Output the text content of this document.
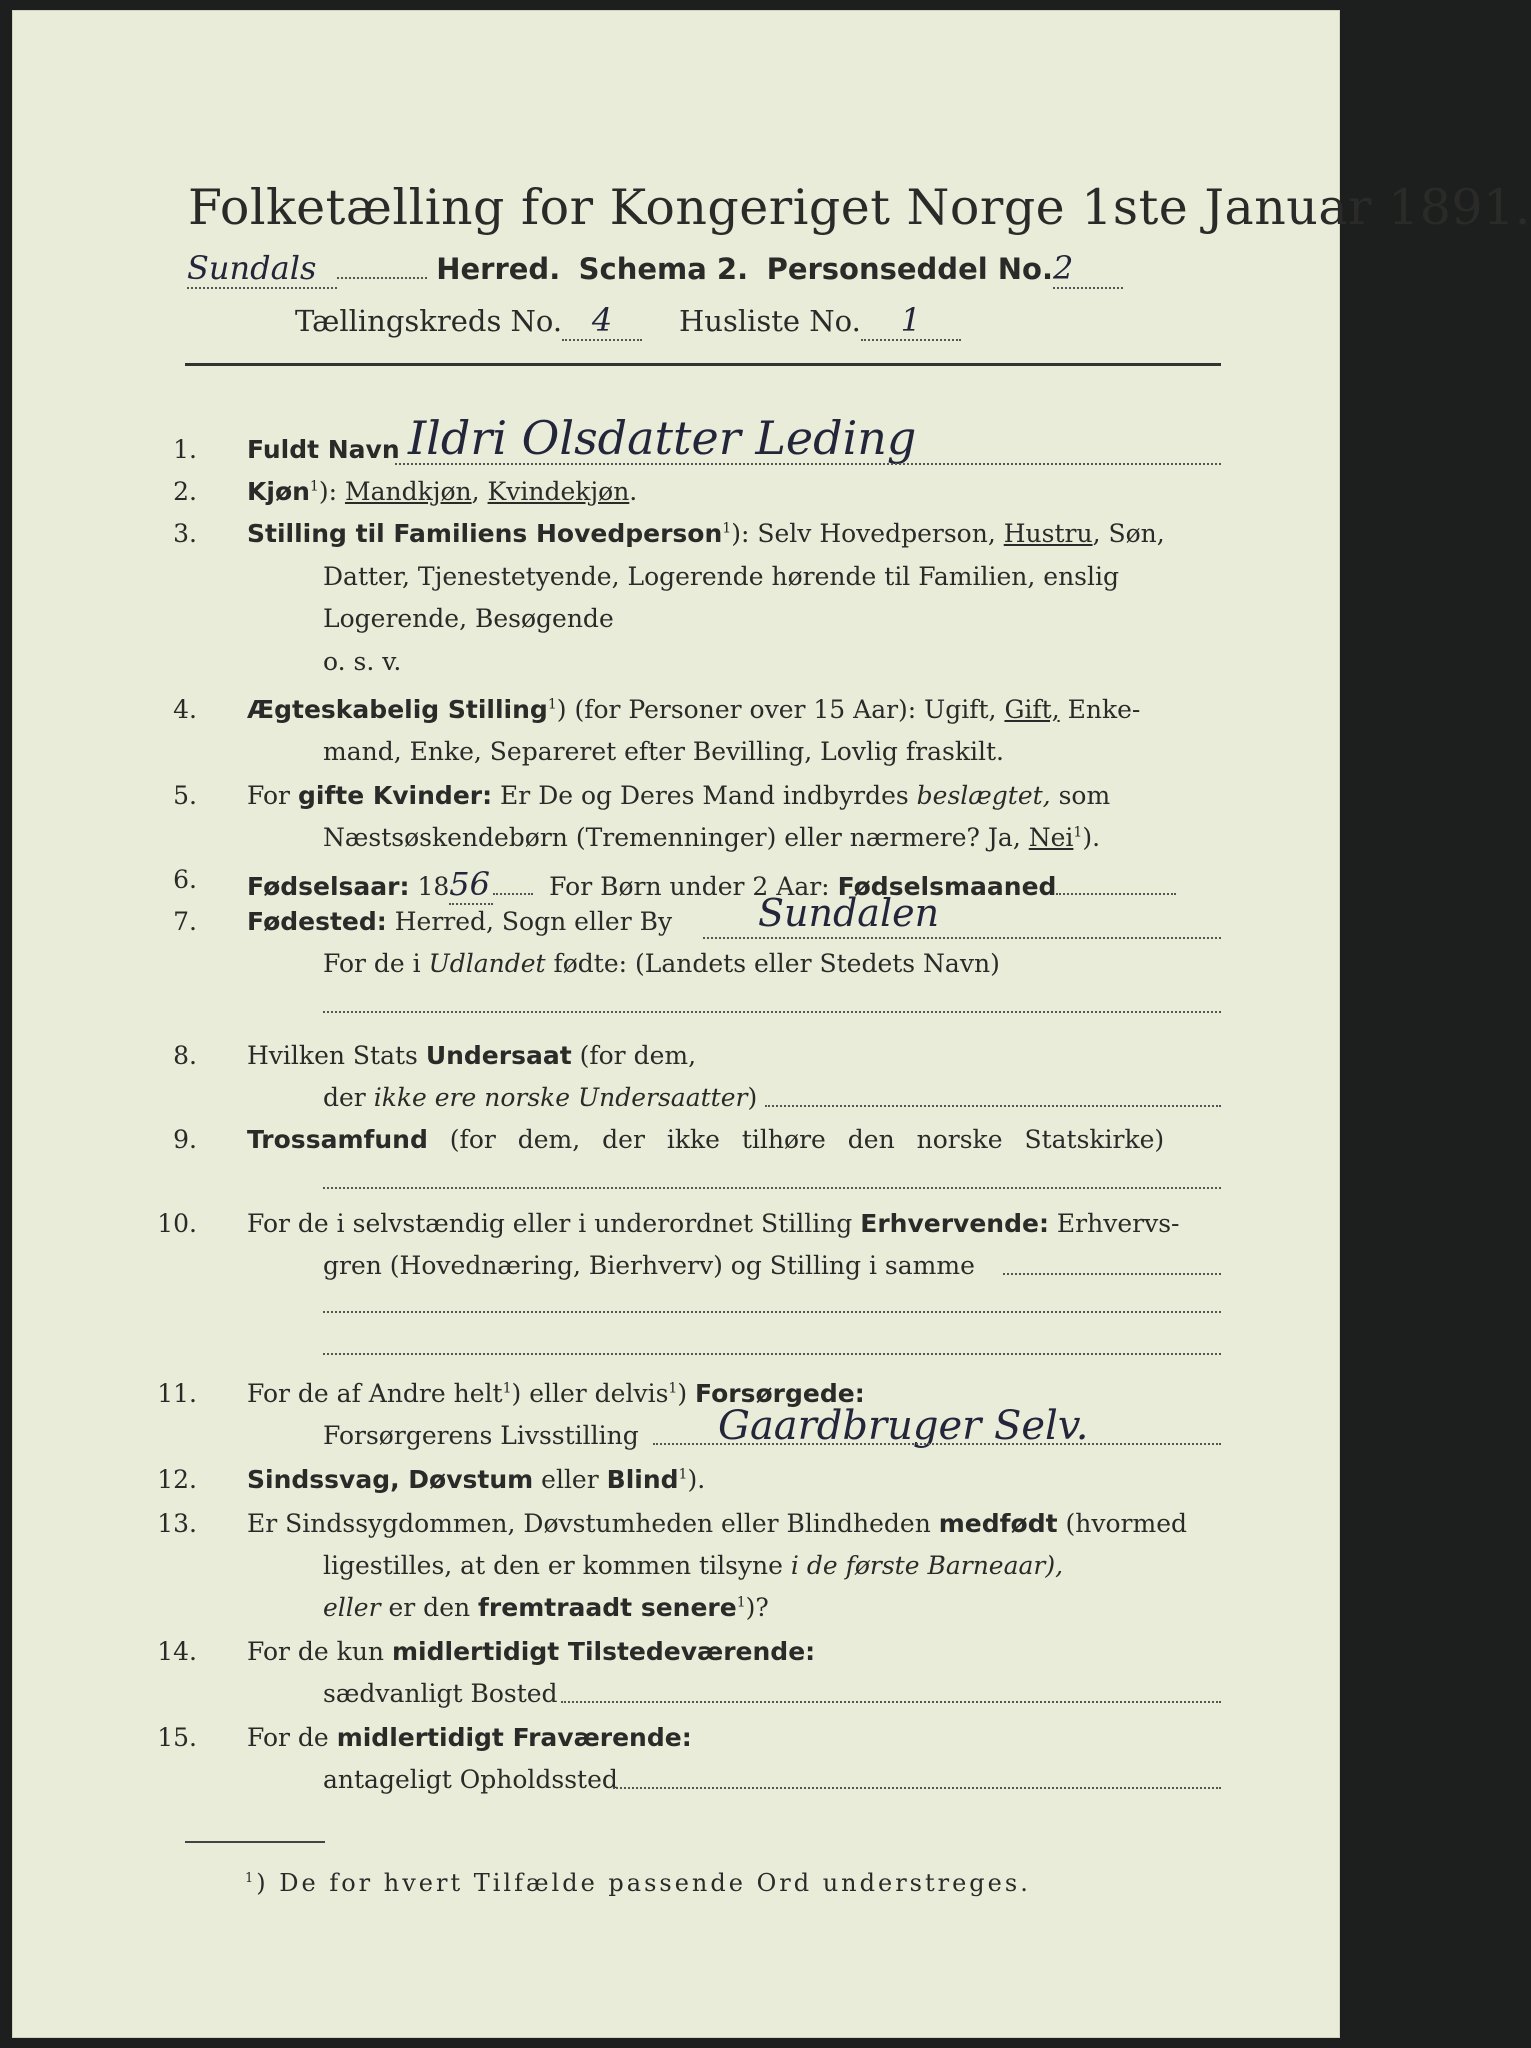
Folketælling for Kongeriget Norge 1ste Januar 1891.
Sundals	Herred. Schema 2. Personseddel No.2
Tællingskreds No. 4 Husliste No. 1
1. Fuldt Navn Ildri Olsdatter Leding
2. Kjøn$^1$): Mandkjøn, Kvindekjøn.
3. Stilling til Familiens Hovedperson$^1$): Selv Hovedperson, Hustru, Søn,
Datter, Tjenestetyende, Logerende hørende til Familien, enslig
Logerende, Besøgende
o. s. v.
4. Ægteskabelig Stilling$^1$) (for Personer over 15 Aar): Ugift, Gift, Enke-
mand, Enke, Separeret efter Bevilling, Lovlig fraskilt.
5. For gifte Kvinder: Er De og Deres Mand indbyrdes beslægtet, som
Næstsøskendebørn (Tremenninger) eller nærmere? Ja, Nei$^1$).
6. Fødselsaar: 1856 For Børn under 2 Aar: Fødselsmaaned
7. Fødested: Herred, Sogn eller By Sundalen
For de i Udlandet fødte: (Landets eller Stedets Navn)
8. Hvilken Stats Undersaat (for dem,
der ikke ere norske Undersaatter)
9. Trossamfund (for dem, der ikke tilhøre den norske Statskirke)
10. For de i selvstændig eller i underordnet Stilling Erhvervende: Erhvervs-
gren (Hovednæring, Bierhverv) og Stilling i samme
11. For de af Andre helt$^1$) eller delvis$^1$) Forsørgede:
Forsørgerens Livsstilling Gaardbruger Selv.
12. Sindssvag, Døvstum eller Blind$^1$).
13. Er Sindssygdommen, Døvstumheden eller Blindheden medfødt (hvormed
ligestilles, at den er kommen tilsyne i de første Barneaar),
eller er den fremtraadt senere$^1$)?
14. For de kun midlertidigt Tilstedeværende:
sædvanligt Bosted
15. For de midlertidigt Fraværende:
antageligt Opholdssted
$^1$) De for hvert Tilfælde passende Ord understreges.
